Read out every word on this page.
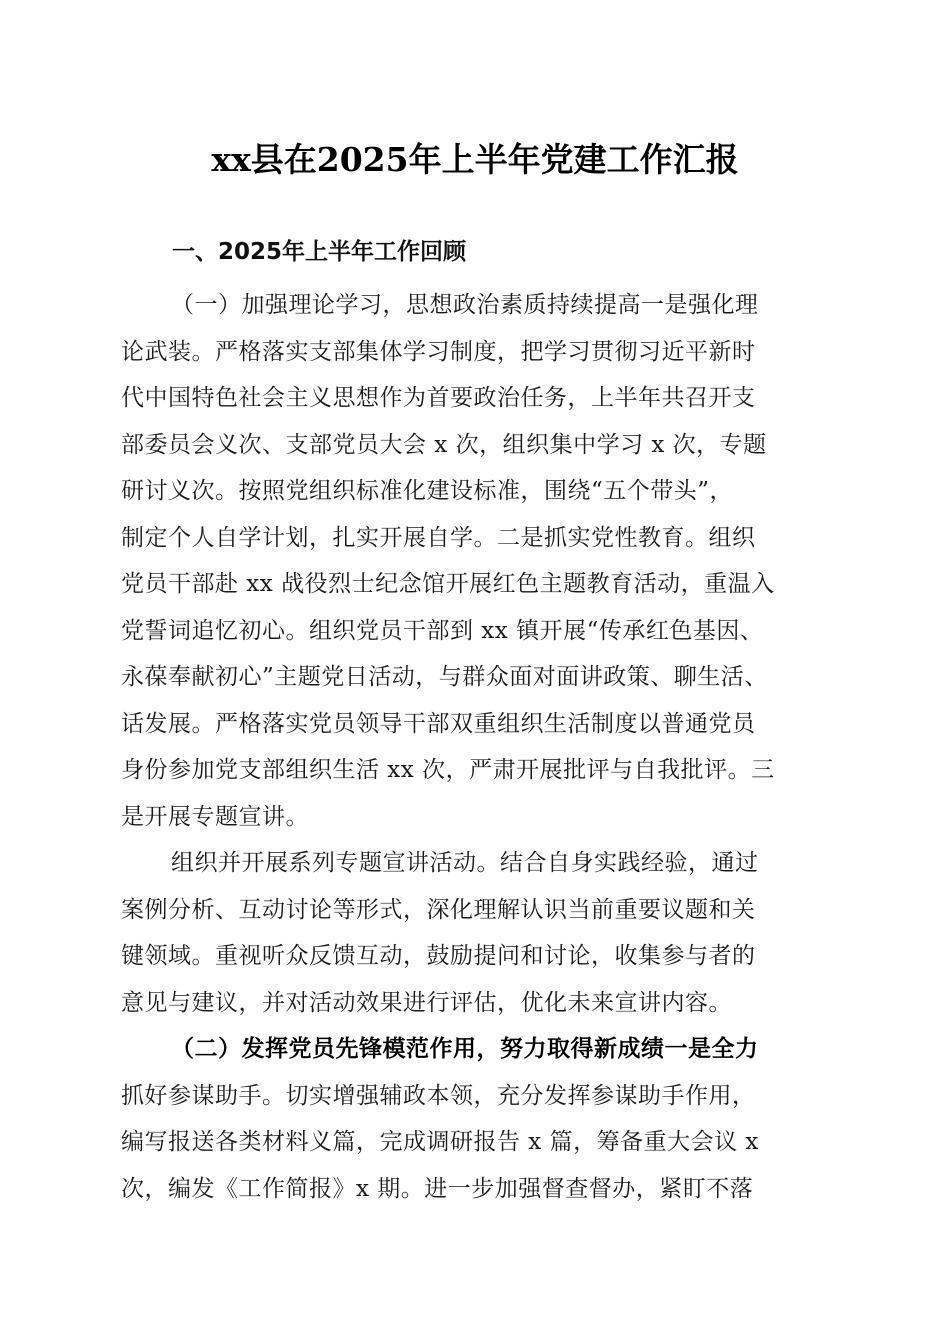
xx县在2025年上半年党建工作汇报
一、2025年上半年工作回顾
（一）加强理论学习，思想政治素质持续提高一是强化理
论武装。严格落实支部集体学习制度，把学习贯彻习近平新时
代中国特色社会主义思想作为首要政治任务，上半年共召开支
部委员会义次、支部党员大会 x 次，组织集中学习 x 次，专题
研讨义次。按照党组织标准化建设标准，围绕“五个带头”，
制定个人自学计划，扎实开展自学。二是抓实党性教育。组织
党员干部赴 xx 战役烈士纪念馆开展红色主题教育活动，重温入
党誓词追忆初心。组织党员干部到 xx 镇开展“传承红色基因、
永葆奉献初心”主题党日活动，与群众面对面讲政策、聊生活、
话发展。严格落实党员领导干部双重组织生活制度以普通党员
身份参加党支部组织生活 xx 次，严肃开展批评与自我批评。三
是开展专题宣讲。
组织并开展系列专题宣讲活动。结合自身实践经验，通过
案例分析、互动讨论等形式，深化理解认识当前重要议题和关
键领域。重视听众反馈互动，鼓励提问和讨论，收集参与者的
意见与建议，并对活动效果进行评估，优化未来宣讲内容。
（二）发挥党员先锋模范作用，努力取得新成绩一是全力
抓好参谋助手。切实增强辅政本领，充分发挥参谋助手作用，
编写报送各类材料义篇，完成调研报告 x 篇，筹备重大会议 x
次，编发《工作简报》x 期。进一步加强督查督办，紧盯不落
